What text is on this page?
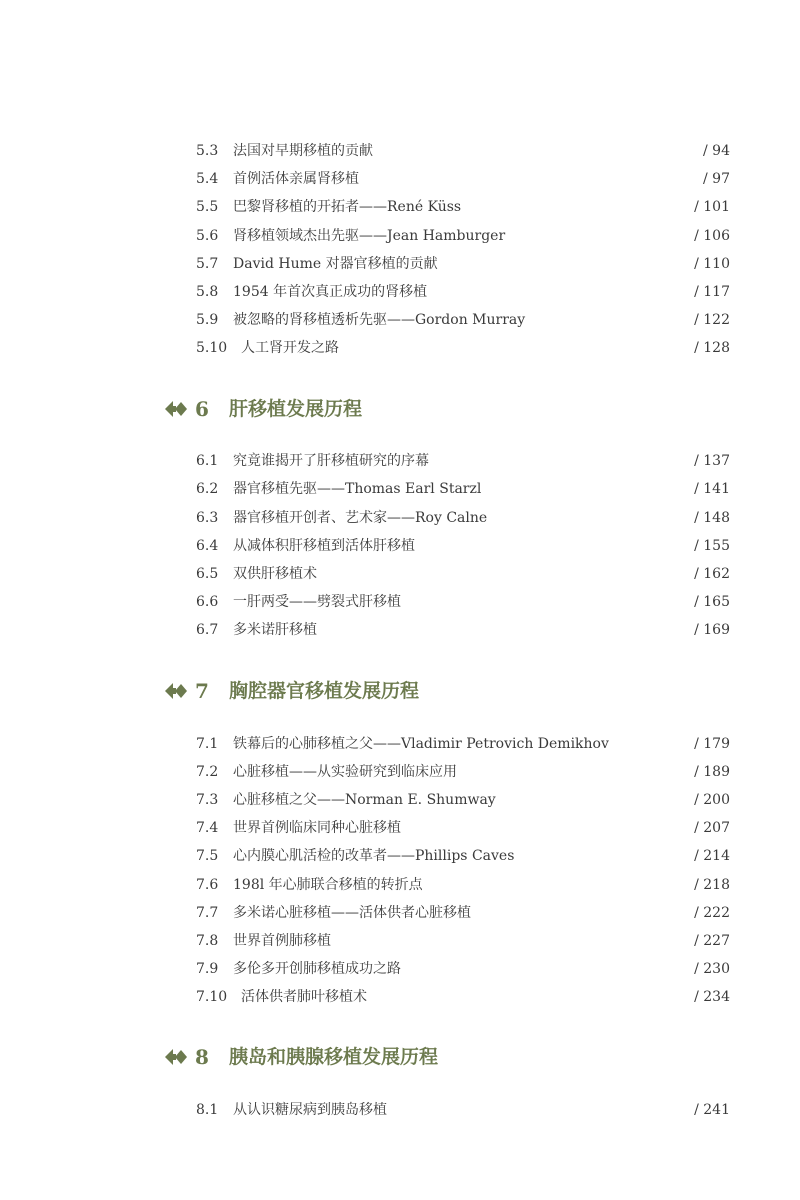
5.3 法国对早期移植的贡献	/ 94
5.4 首例活体亲属肾移植	/ 97
5.5 巴黎肾移植的开拓者——René Küss	/ 101
5.6 肾移植领域杰出先驱——Jean Hamburger	/ 106
5.7 David Hume 对器官移植的贡献	/ 110
5.8 1954 年首次真正成功的肾移植	/ 117
5.9 被忽略的肾移植透析先驱——Gordon Murray	/ 122
5.10 人工肾开发之路	/ 128
6 肝移植发展历程
6.1 究竟谁揭开了肝移植研究的序幕	/ 137
6.2 器官移植先驱——Thomas Earl Starzl	/ 141
6.3 器官移植开创者、艺术家——Roy Calne	/ 148
6.4 从减体积肝移植到活体肝移植	/ 155
6.5 双供肝移植术	/ 162
6.6 一肝两受——劈裂式肝移植	/ 165
6.7 多米诺肝移植	/ 169
7 胸腔器官移植发展历程
7.1 铁幕后的心肺移植之父——Vladimir Petrovich Demikhov	/ 179
7.2 心脏移植——从实验研究到临床应用	/ 189
7.3 心脏移植之父——Norman E. Shumway	/ 200
7.4 世界首例临床同种心脏移植	/ 207
7.5 心内膜心肌活检的改革者——Phillips Caves	/ 214
7.6 198l 年心肺联合移植的转折点	/ 218
7.7 多米诺心脏移植——活体供者心脏移植	/ 222
7.8 世界首例肺移植	/ 227
7.9 多伦多开创肺移植成功之路	/ 230
7.10 活体供者肺叶移植术	/ 234
8 胰岛和胰腺移植发展历程
8.1 从认识糖尿病到胰岛移植	/ 241
